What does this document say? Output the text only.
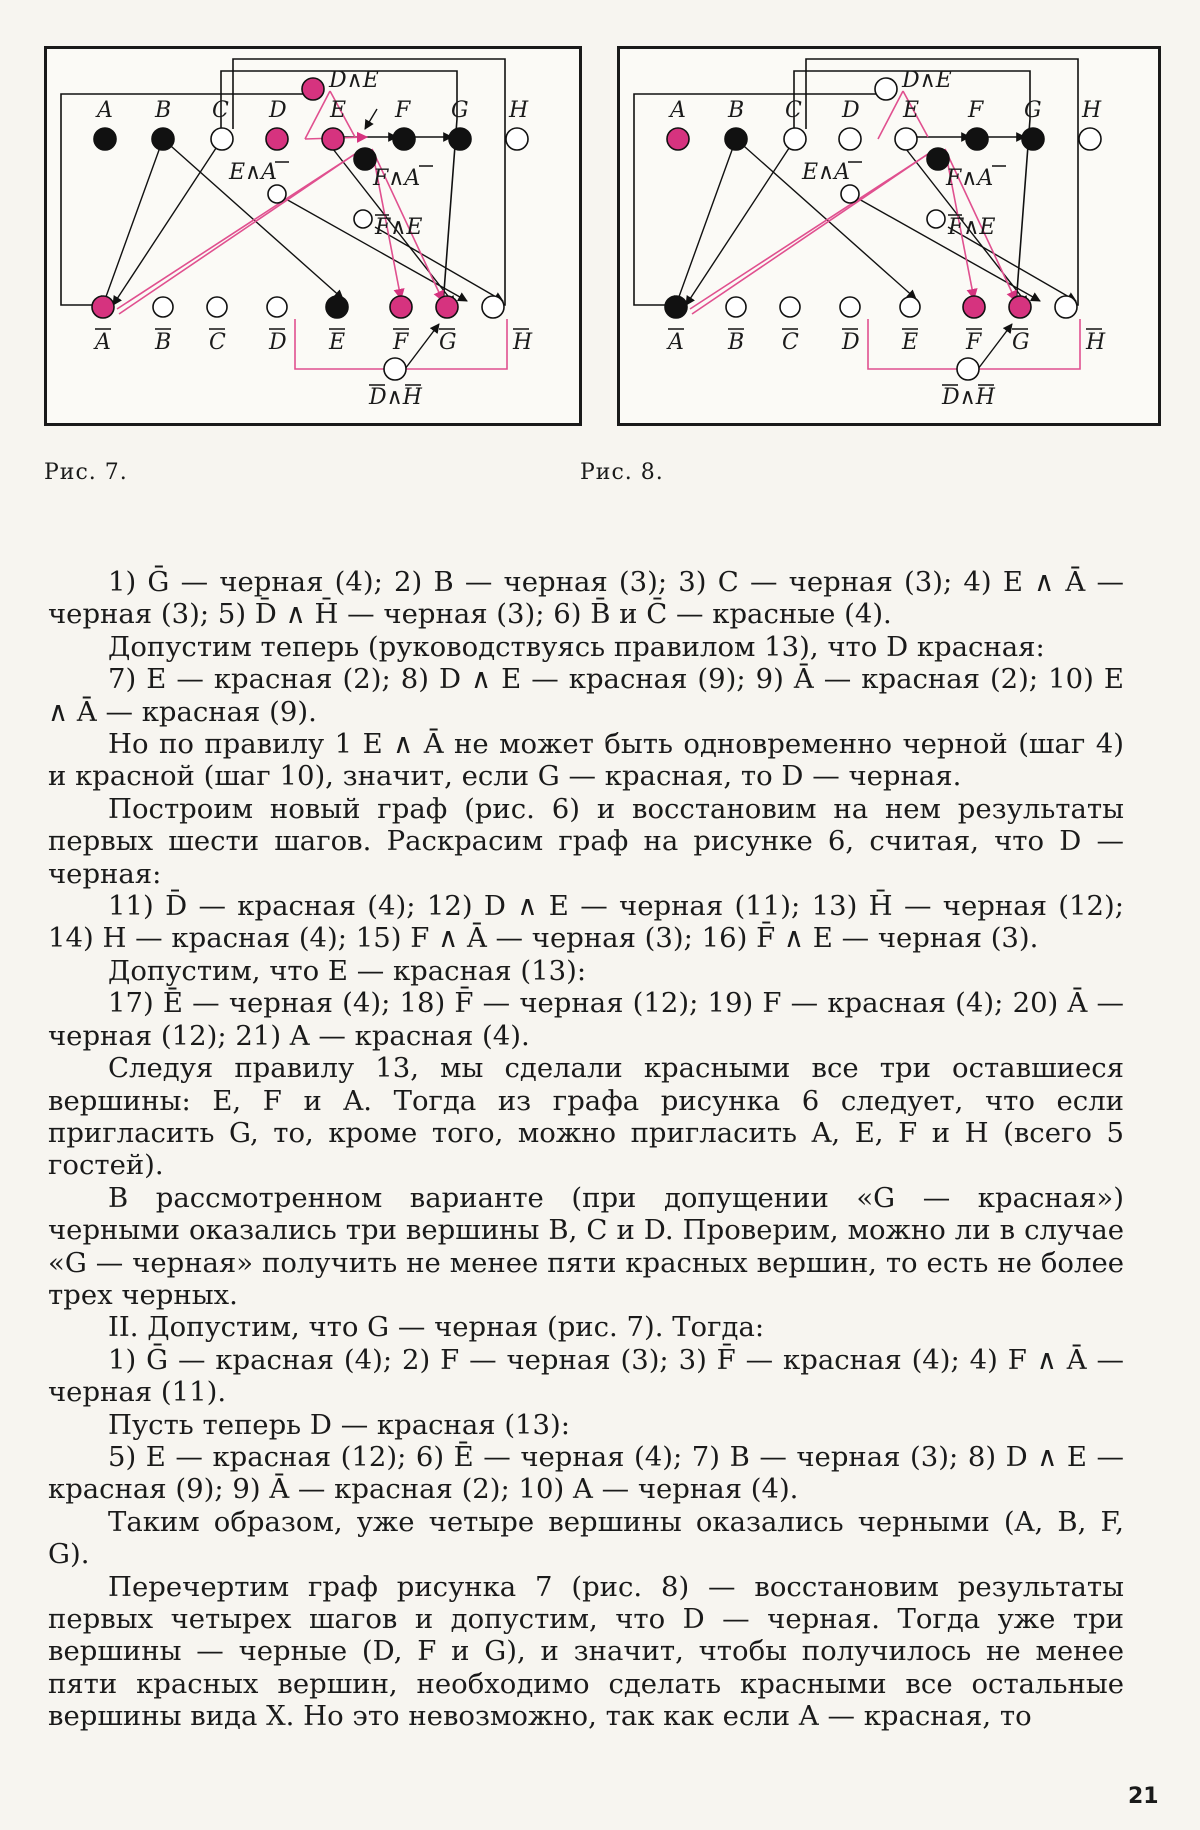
A B C D E F G H
D∧E
E∧A	F∧A
F∧E
A B C D E F G	H
D∧H
Рис. 7.
A B C D E F G H
D∧E
E∧A	F∧A
F∧E
A B C D E F G	H
D∧H
Рис. 8.

1) Ḡ — черная (4); 2) B — черная (3); 3) C — черная (3); 4) E ∧ Ā — черная (3); 5) D̄ ∧ H̄ — черная (3); 6) B̄ и C̄ — красные (4).

Допустим теперь (руководствуясь правилом 13), что D красная:

7) E — красная (2); 8) D ∧ E — красная (9); 9) Ā — красная (2); 10) E ∧ Ā — красная (9).

Но по правилу 1 E ∧ Ā не может быть одновременно черной (шаг 4) и красной (шаг 10), значит, если G — красная, то D — черная.

Построим новый граф (рис. 6) и восстановим на нем результаты первых шести шагов. Раскрасим граф на рисунке 6, считая, что D — черная:

11) D̄ — красная (4); 12) D ∧ E — черная (11); 13) H̄ — черная (12); 14) H — красная (4); 15) F ∧ Ā — черная (3); 16) F̄ ∧ E — черная (3).

Допустим, что E — красная (13):

17) Ē — черная (4); 18) F̄ — черная (12); 19) F — красная (4); 20) Ā — черная (12); 21) A — красная (4).

Следуя правилу 13, мы сделали красными все три оставшиеся вершины: E, F и A. Тогда из графа рисунка 6 следует, что если пригласить G, то, кроме того, можно пригласить A, E, F и H (всего 5 гостей).

В рассмотренном варианте (при допущении «G — красная») черными оказались три вершины B, C и D. Проверим, можно ли в случае «G — черная» получить не менее пяти красных вершин, то есть не более трех черных.

II. Допустим, что G — черная (рис. 7). Тогда:

1) Ḡ — красная (4); 2) F — черная (3); 3) F̄ — красная (4); 4) F ∧ Ā — черная (11).

Пусть теперь D — красная (13):

5) E — красная (12); 6) Ē — черная (4); 7) B — черная (3); 8) D ∧ E — красная (9); 9) Ā — красная (2); 10) A — черная (4).

Таким образом, уже четыре вершины оказались черными (A, B, F, G).

Перечертим граф рисунка 7 (рис. 8) — восстановим результаты первых четырех шагов и допустим, что D — черная. Тогда уже три вершины — черные (D, F и G), и значит, чтобы получилось не менее пяти красных вершин, необходимо сделать красными все остальные вершины вида X. Но это невозможно, так как если A — красная, то

21
